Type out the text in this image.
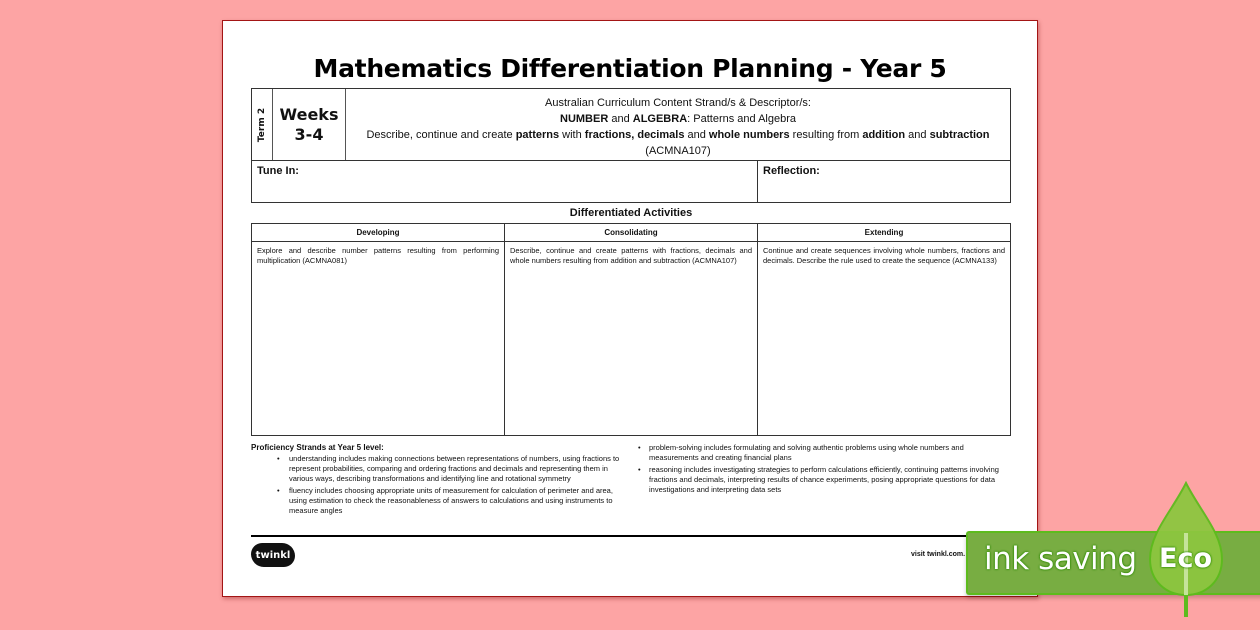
Mathematics Differentiation Planning - Year 5
Term 2 Weeks
3-4
Australian Curriculum Content Strand/s & Descriptor/s:
NUMBER and ALGEBRA: Patterns and Algebra
Describe, continue and create patterns with fractions, decimals and whole numbers resulting from addition and subtraction
(ACMNA107)
Tune In:	Reflection:
Differentiated Activities
Developing
Explore and describe number patterns resulting from performing multiplication (ACMNA081)
Consolidating
Describe, continue and create patterns with fractions, decimals and whole numbers resulting from addition and subtraction (ACMNA107)
Extending
Continue and create sequences involving whole numbers, fractions and decimals. Describe the rule used to create the sequence (ACMNA133)
Proficiency Strands at Year 5 level:
• understanding includes making connections between representations of numbers, using fractions to represent probabilities, comparing and ordering fractions and decimals and representing them in various ways, describing transformations and identifying line and rotational symmetry
• fluency includes choosing appropriate units of measurement for calculation of perimeter and area, using estimation to check the reasonableness of answers to calculations and using instruments to measure angles
• problem-solving includes formulating and solving authentic problems using whole numbers and measurements and creating financial plans
• reasoning includes investigating strategies to perform calculations efficiently, continuing patterns involving fractions and decimals, interpreting results of chance experiments, posing appropriate questions for data investigations and interpreting data sets
twinkl	visit twinkl.com. ink saving Eco
